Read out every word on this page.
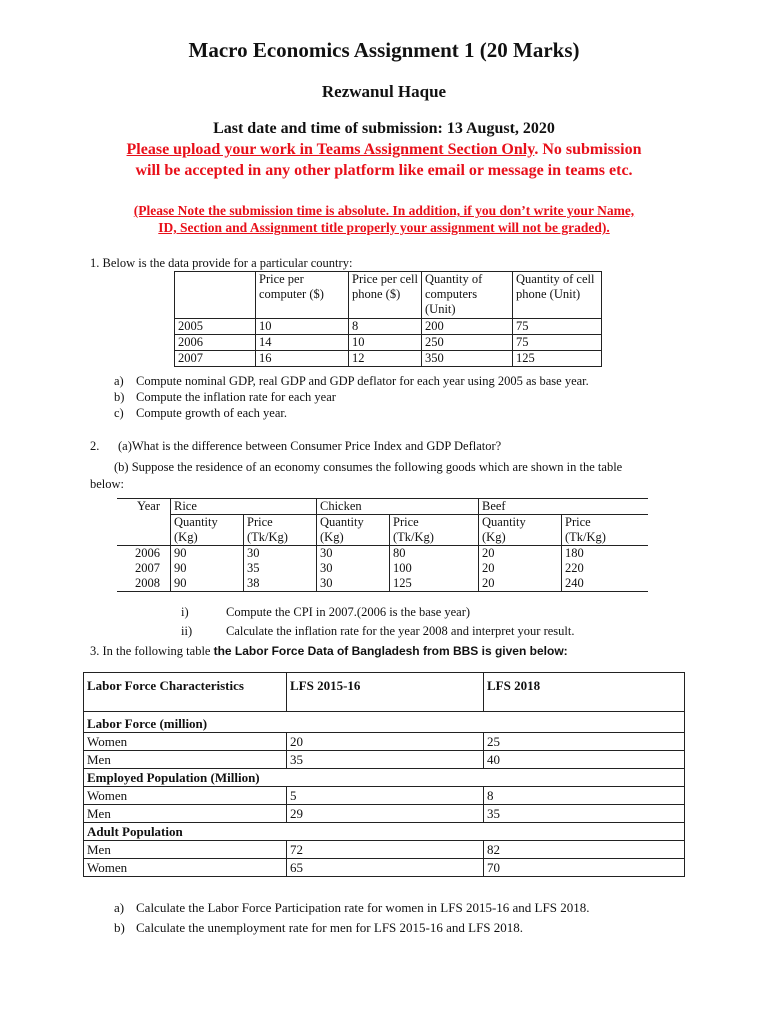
Macro Economics Assignment 1 (20 Marks)
Rezwanul Haque
Last date and time of submission: 13 August, 2020
Please upload your work in Teams Assignment Section Only. No submission
will be accepted in any other platform like email or message in teams etc.
(Please Note the submission time is absolute. In addition, if you don’t write your Name,
ID, Section and Assignment title properly your assignment will not be graded).
1. Below is the data provide for a particular country:
	Price per computer ($)	Price per cell phone ($)	Quantity of computers (Unit)	Quantity of cell phone (Unit)
2005	10	8	200	75
2006	14	10	250	75
2007	16	12	350	125
a) Compute nominal GDP, real GDP and GDP deflator for each year using 2005 as base year.
b) Compute the inflation rate for each year
c) Compute growth of each year.
2. (a)What is the difference between Consumer Price Index and GDP Deflator?
(b) Suppose the residence of an economy consumes the following goods which are shown in the table
below:
Year	Rice		Chicken		Beef	
	Quantity	Price	Quantity	Price	Quantity	Price
	(Kg)	(Tk/Kg)	(Kg)	(Tk/Kg)	(Kg)	(Tk/Kg)
2006	90	30	30	80	20	180
2007	90	35	30	100	20	220
2008	90	38	30	125	20	240
i)	Compute the CPI in 2007.(2006 is the base year)
ii)	Calculate the inflation rate for the year 2008 and interpret your result.
3. In the following table the Labor Force Data of Bangladesh from BBS is given below:
Labor Force Characteristics	LFS 2015-16	LFS 2018
Labor Force (million)		
Women	20	25
Men	35	40
Employed Population (Million)		
Women	5	8
Men	29	35
Adult Population		
Men	72	82
Women	65	70
a) Calculate the Labor Force Participation rate for women in LFS 2015-16 and LFS 2018.
b) Calculate the unemployment rate for men for LFS 2015-16 and LFS 2018.
